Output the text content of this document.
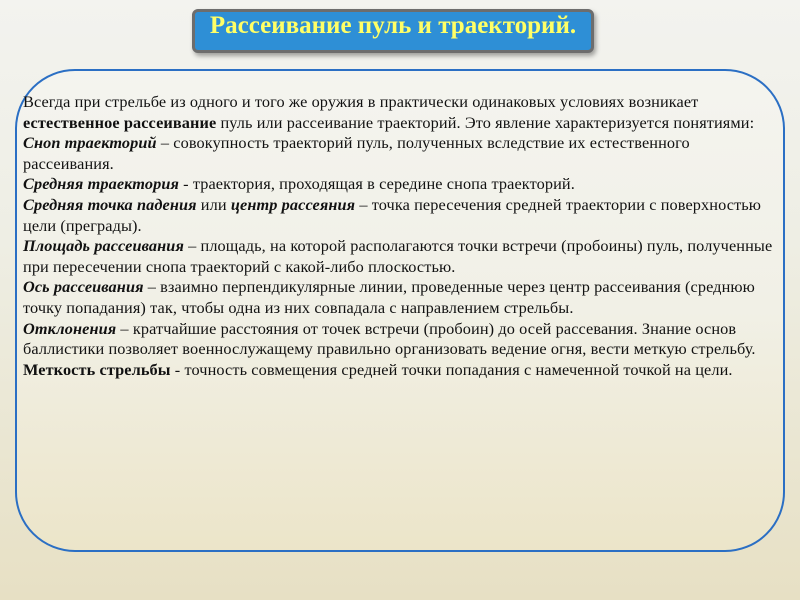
Рассеивание пуль и траекторий.

Всегда при стрельбе из одного и того же оружия в практически одинаковых условиях возникает естественное рассеивание пуль или рассеивание траекторий. Это явление характеризуется понятиями:

Сноп траекторий – совокупность траекторий пуль, полученных вследствие их естественного рассеивания.

Средняя траектория - траектория, проходящая в середине снопа траекторий.

Средняя точка падения или центр рассеяния – точка пересечения средней траектории с поверхностью цели (преграды).

Площадь рассеивания – площадь, на которой располагаются точки встречи (пробоины) пуль, полученные при пересечении снопа траекторий с какой-либо плоскостью.

Ось рассеивания – взаимно перпендикулярные линии, проведенные через центр рассеивания (среднюю точку попадания) так, чтобы одна из них совпадала с направлением стрельбы.

Отклонения – кратчайшие расстояния от точек встречи (пробоин) до осей рассевания. Знание основ баллистики позволяет военнослужащему правильно организовать ведение огня, вести меткую стрельбу.

Меткость стрельбы - точность совмещения средней точки попадания с намеченной точкой на цели.
